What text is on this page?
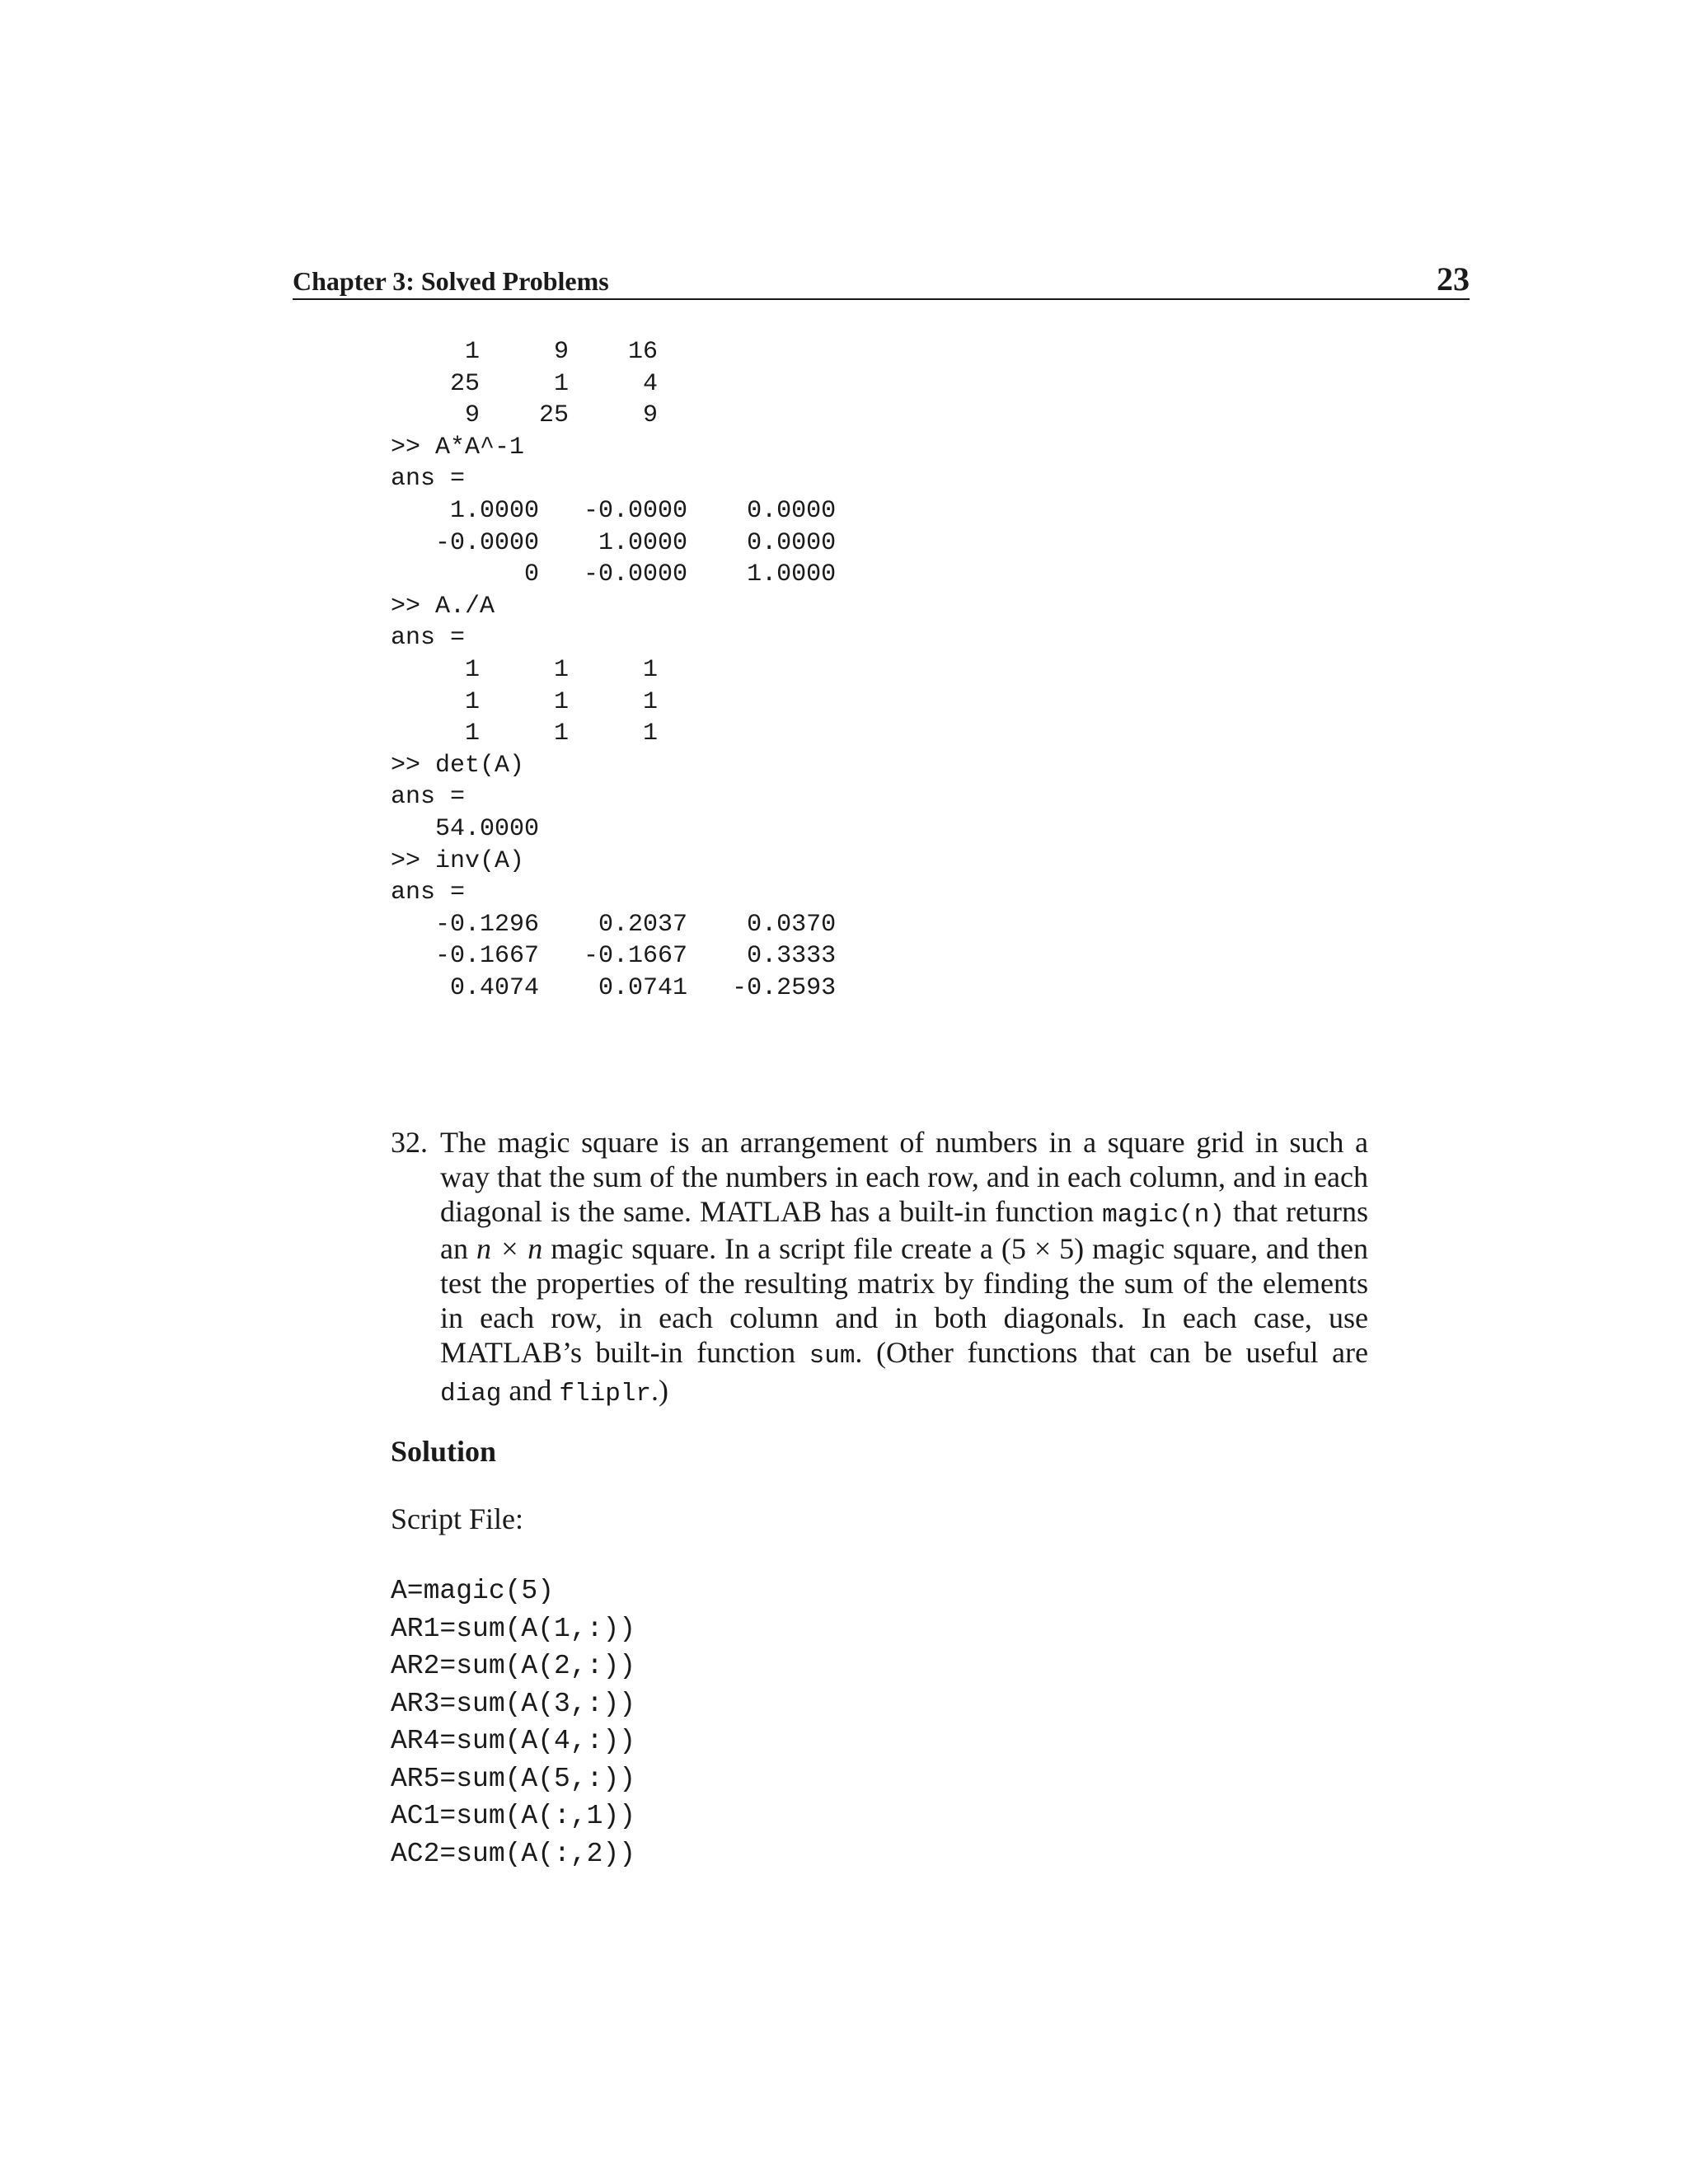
Chapter 3: Solved Problems	23
1     9    16
25     1     4
9    25     9
>> A*A^-1
ans =
1.0000   -0.0000    0.0000
-0.0000    1.0000    0.0000
0   -0.0000    1.0000
>> A./A
ans =
1     1     1
1     1     1
1     1     1
>> det(A)
ans =
54.0000
>> inv(A)
ans =
-0.1296    0.2037    0.0370
-0.1667   -0.1667    0.3333
0.4074    0.0741   -0.2593
32. The magic square is an arrangement of numbers in a square grid in such a way that the sum of the numbers in each row, and in each column, and in each diagonal is the same. MATLAB has a built-in function magic(n) that returns an n × n magic square. In a script file create a (5 × 5) magic square, and then test the properties of the resulting matrix by finding the sum of the elements in each row, in each column and in both diagonals. In each case, use MATLAB’s built-in function sum. (Other functions that can be useful are diag and fliplr.)
Solution
Script File:
A=magic(5)
AR1=sum(A(1,:))
AR2=sum(A(2,:))
AR3=sum(A(3,:))
AR4=sum(A(4,:))
AR5=sum(A(5,:))
AC1=sum(A(:,1))
AC2=sum(A(:,2))
